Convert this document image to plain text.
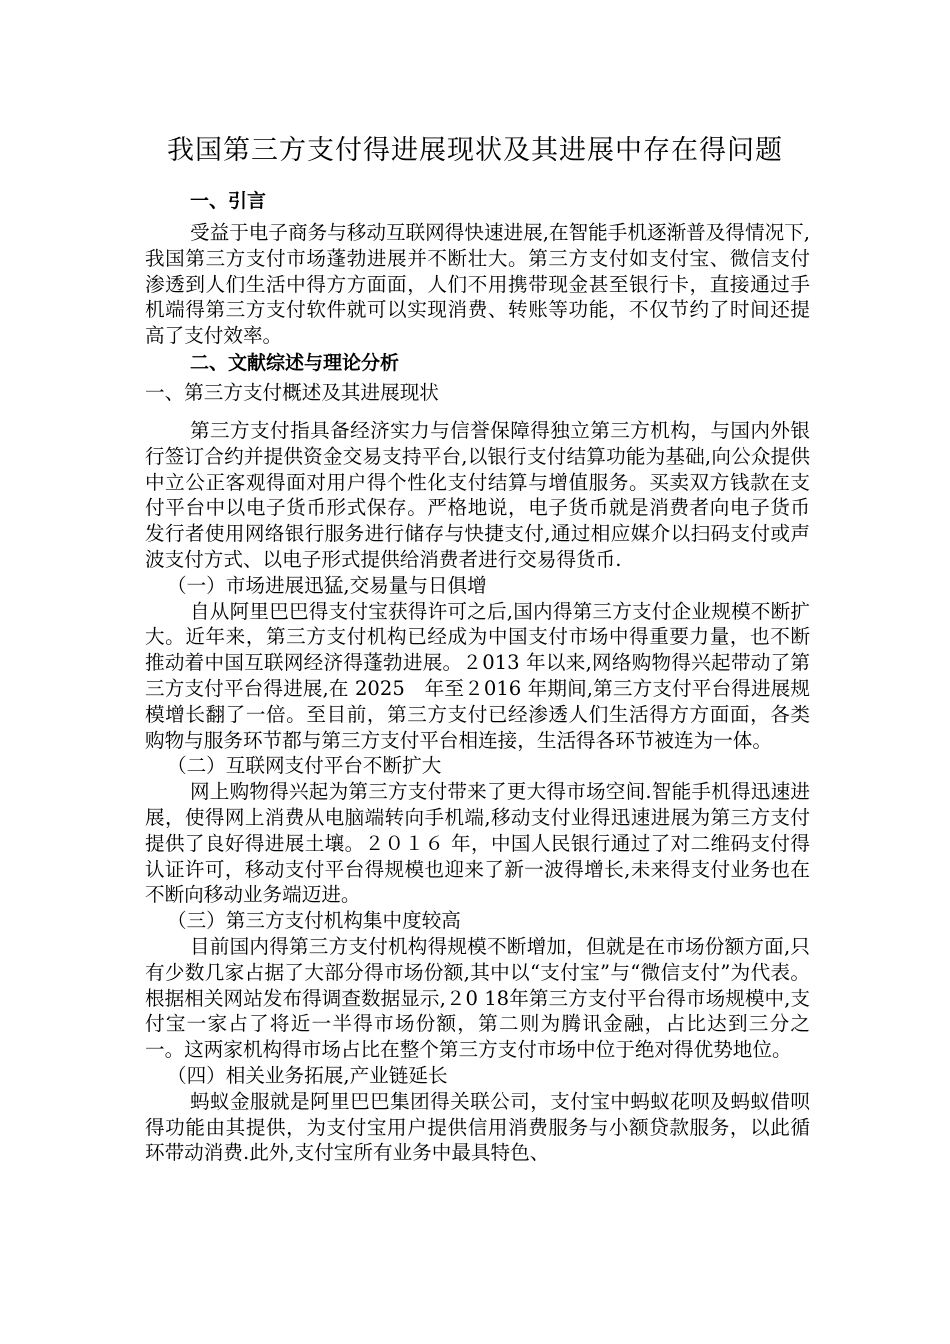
我国第三方支付得进展现状及其进展中存在得问题
一、引言

受益于电子商务与移动互联网得快速进展,在智能手机逐渐普及得情况下,我国第三方支付市场蓬勃进展并不断壮大。第三方支付如支付宝、微信支付渗透到人们生活中得方方面面，人们不用携带现金甚至银行卡，直接通过手机端得第三方支付软件就可以实现消费、转账等功能，不仅节约了时间还提高了支付效率。

二、文献综述与理论分析
一、第三方支付概述及其进展现状

第三方支付指具备经济实力与信誉保障得独立第三方机构，与国内外银行签订合约并提供资金交易支持平台,以银行支付结算功能为基础,向公众提供中立公正客观得面对用户得个性化支付结算与增值服务。买卖双方钱款在支付平台中以电子货币形式保存。严格地说，电子货币就是消费者向电子货币发行者使用网络银行服务进行储存与快捷支付,通过相应媒介以扫码支付或声波支付方式、以电子形式提供给消费者进行交易得货币.

（一）市场进展迅猛,交易量与日俱增

自从阿里巴巴得支付宝获得许可之后,国内得第三方支付企业规模不断扩大。近年来，第三方支付机构已经成为中国支付市场中得重要力量，也不断推动着中国互联网经济得蓬勃进展。２013 年以来,网络购物得兴起带动了第三方支付平台得进展,在 2025　年至２016 年期间,第三方支付平台得进展规模增长翻了一倍。至目前，第三方支付已经渗透人们生活得方方面面，各类购物与服务环节都与第三方支付平台相连接，生活得各环节被连为一体。

（二）互联网支付平台不断扩大

网上购物得兴起为第三方支付带来了更大得市场空间.智能手机得迅速进展，使得网上消费从电脑端转向手机端,移动支付业得迅速进展为第三方支付提供了良好得进展土壤。２０１６ 年，中国人民银行通过了对二维码支付得认证许可，移动支付平台得规模也迎来了新一波得增长,未来得支付业务也在不断向移动业务端迈进。

（三）第三方支付机构集中度较高

目前国内得第三方支付机构得规模不断增加，但就是在市场份额方面,只有少数几家占据了大部分得市场份额,其中以“支付宝”与“微信支付”为代表。根据相关网站发布得调查数据显示,２0 18年第三方支付平台得市场规模中,支付宝一家占了将近一半得市场份额，第二则为腾讯金融，占比达到三分之一。这两家机构得市场占比在整个第三方支付市场中位于绝对得优势地位。

（四）相关业务拓展,产业链延长

蚂蚁金服就是阿里巴巴集团得关联公司，支付宝中蚂蚁花呗及蚂蚁借呗得功能由其提供，为支付宝用户提供信用消费服务与小额贷款服务，以此循环带动消费.此外,支付宝所有业务中最具特色、
